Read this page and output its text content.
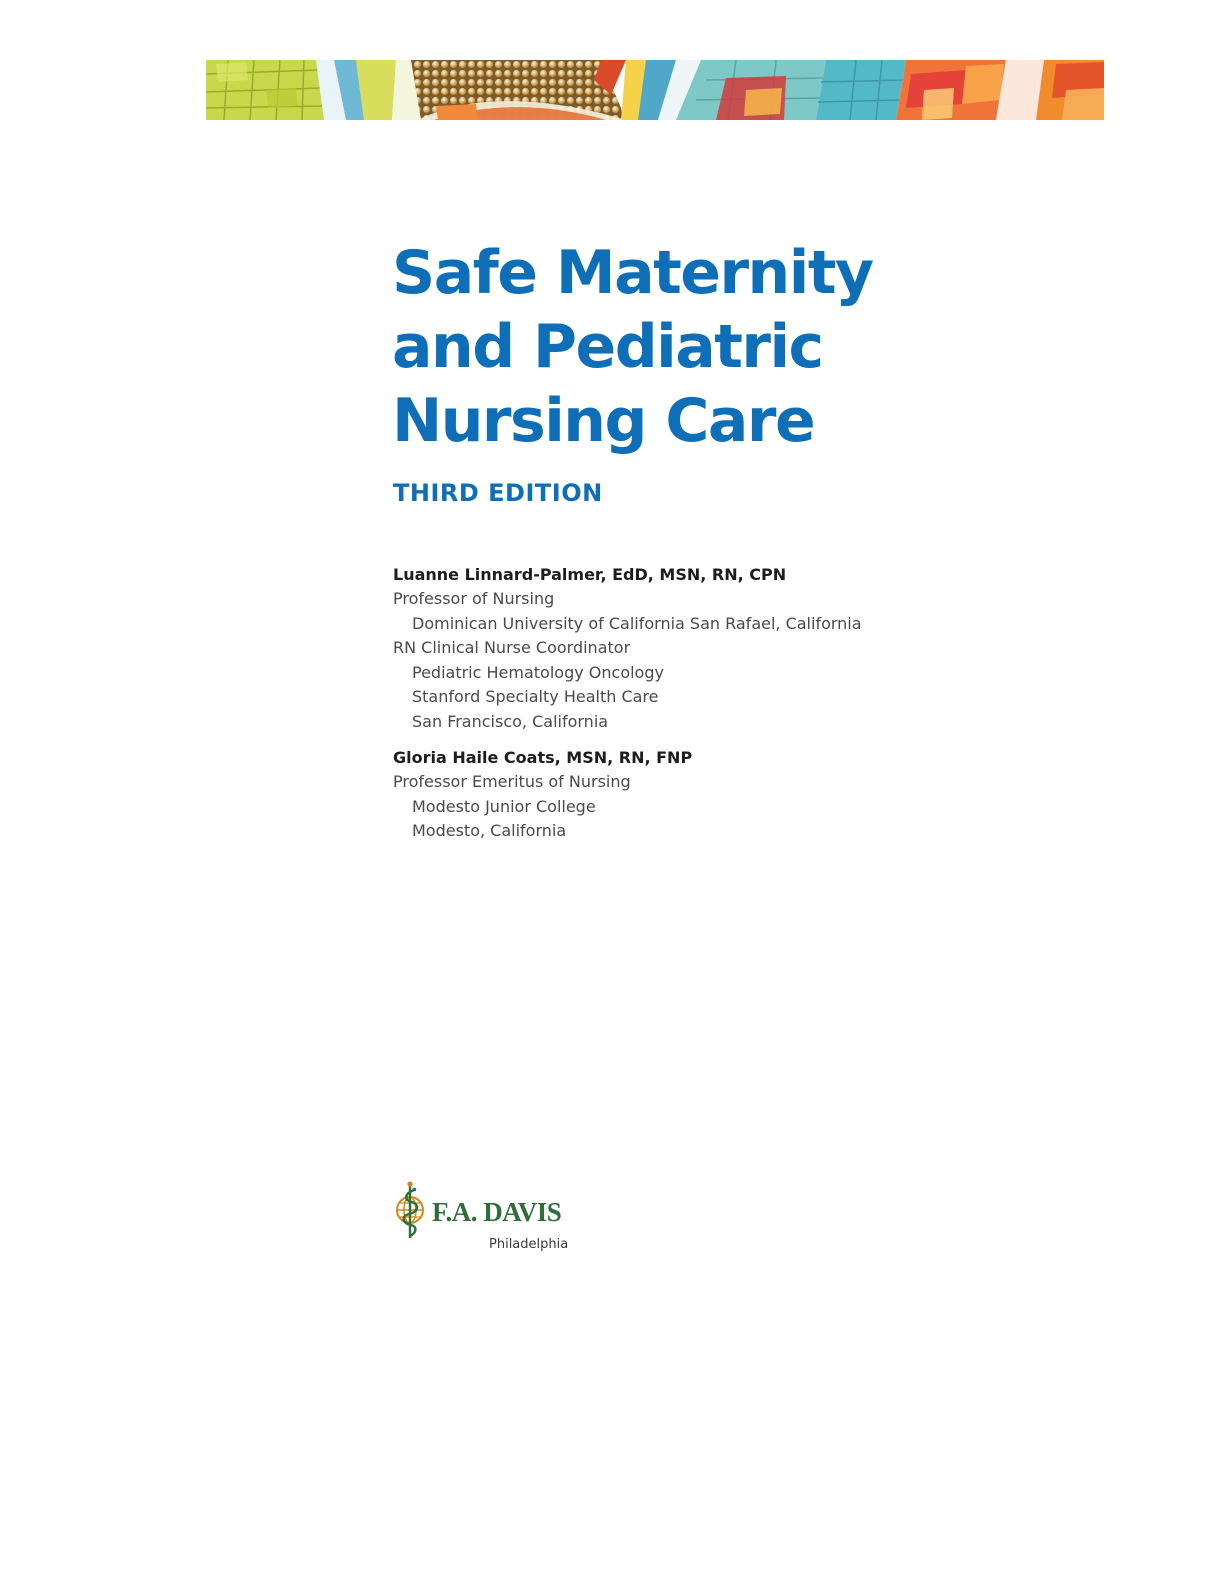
Safe Maternity
and Pediatric
Nursing Care
THIRD EDITION
Luanne Linnard-Palmer, EdD, MSN, RN, CPN
Professor of Nursing
Dominican University of California San Rafael, California
RN Clinical Nurse Coordinator
Pediatric Hematology Oncology
Stanford Specialty Health Care
San Francisco, California
Gloria Haile Coats, MSN, RN, FNP
Professor Emeritus of Nursing
Modesto Junior College
Modesto, California
F.A. DAVIS
Philadelphia
